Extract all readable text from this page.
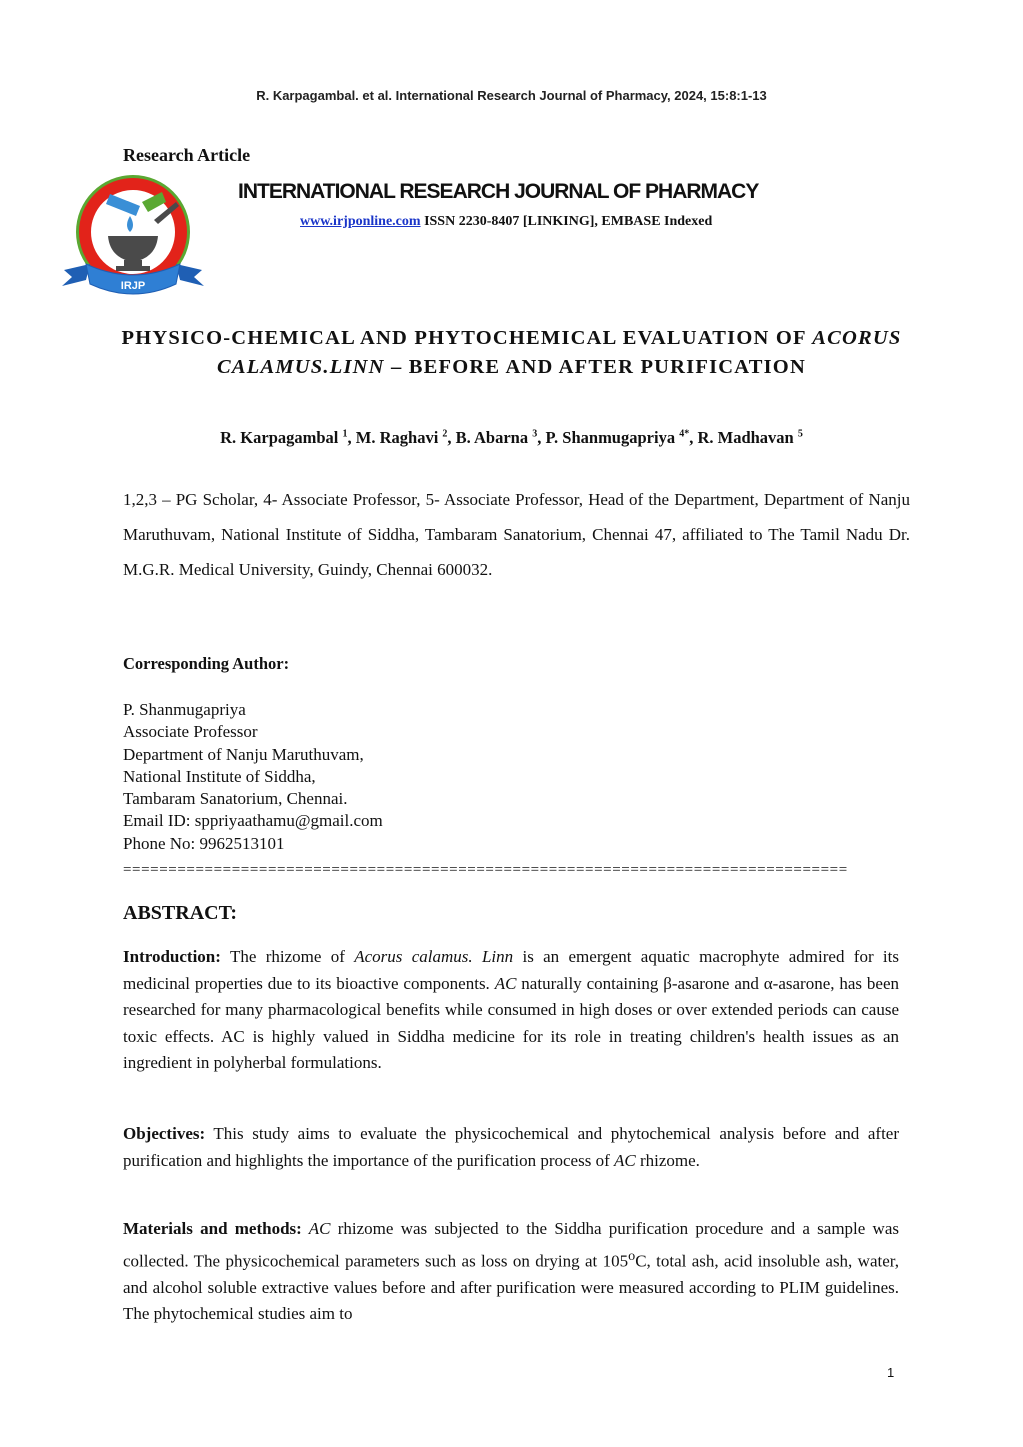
R. Karpagambal. et al. International Research Journal of Pharmacy, 2024, 15:8:1-13
Research Article
IRJP
INTERNATIONAL RESEARCH JOURNAL OF PHARMACY
www.irjponline.com ISSN 2230-8407 [LINKING], EMBASE Indexed
PHYSICO-CHEMICAL AND PHYTOCHEMICAL EVALUATION OF ACORUS CALAMUS.LINN – BEFORE AND AFTER PURIFICATION
R. Karpagambal $^1$, M. Raghavi $^2$, B. Abarna $^3$, P. Shanmugapriya $^{4*}$, R. Madhavan $^5$
1,2,3 – PG Scholar, 4- Associate Professor, 5- Associate Professor, Head of the Department, Department of Nanju Maruthuvam, National Institute of Siddha, Tambaram Sanatorium, Chennai 47, affiliated to The Tamil Nadu Dr. M.G.R. Medical University, Guindy, Chennai 600032.
Corresponding Author:
P. Shanmugapriya
Associate Professor
Department of Nanju Maruthuvam,
National Institute of Siddha,
Tambaram Sanatorium, Chennai.
Email ID: sppriyaathamu@gmail.com
Phone No: 9962513101
================================================================================
ABSTRACT:
Introduction: The rhizome of Acorus calamus. Linn is an emergent aquatic macrophyte admired for its medicinal properties due to its bioactive components. AC naturally containing β-asarone and α-asarone, has been researched for many pharmacological benefits while consumed in high doses or over extended periods can cause toxic effects. AC is highly valued in Siddha medicine for its role in treating children's health issues as an ingredient in polyherbal formulations.
Objectives: This study aims to evaluate the physicochemical and phytochemical analysis before and after purification and highlights the importance of the purification process of AC rhizome.
Materials and methods: AC rhizome was subjected to the Siddha purification procedure and a sample was collected. The physicochemical parameters such as loss on drying at 105$^o$C, total ash, acid insoluble ash, water, and alcohol soluble extractive values before and after purification were measured according to PLIM guidelines. The phytochemical studies aim to
1
